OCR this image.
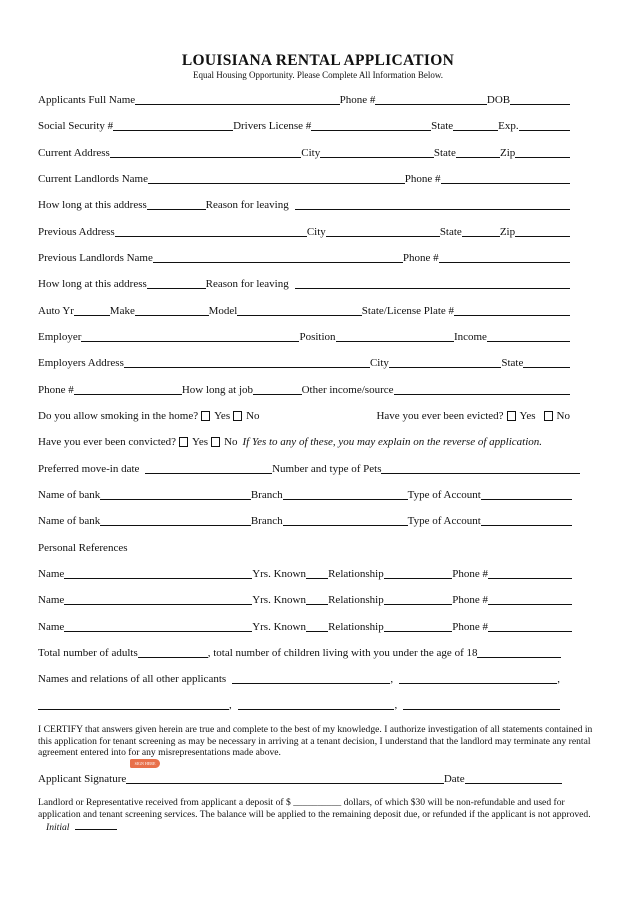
LOUISIANA RENTAL APPLICATION
Equal Housing Opportunity. Please Complete All Information Below.
Applicants Full Name	Phone #	DOB
Social Security #	Drivers License #	State	Exp.
Current Address	City	State	Zip
Current Landlords Name	Phone #
How long at this address	Reason for leaving
Previous Address	City	State	Zip
Previous Landlords Name	Phone #
How long at this address	Reason for leaving
Auto Yr	Make	Model	State/License Plate #
Employer	Position	Income
Employers Address	City	State
Phone #	How long at job	Other income/source
Do you allow smoking in the home? Yes No	Have you ever been evicted? Yes No
Have you ever been convicted? Yes No If Yes to any of these, you may explain on the reverse of application.
Preferred move-in date	Number and type of Pets
Name of bank	Branch	Type of Account
Name of bank	Branch	Type of Account
Personal References
Name	Yrs. Known Relationship	Phone #
Name	Yrs. Known Relationship	Phone #
Name	Yrs. Known Relationship	Phone #
Total number of adults	, total number of children living with you under the age of 18
Names and relations of all other applicants	,	,
,	,
I CERTIFY that answers given herein are true and complete to the best of my knowledge. I authorize investigation of all statements contained in this application for tenant screening as may be necessary in arriving at a tenant decision, I understand that the landlord may terminate any rental agreement entered into for any misrepresentations made above.
Applicant Signature	Date
SIGN HERE
Landlord or Representative received from applicant a deposit of $ __________ dollars, of which $30 will be non-refundable and used for application and tenant screening services. The balance will be applied to the remaining deposit due, or refunded if the applicant is not approved. Initial
